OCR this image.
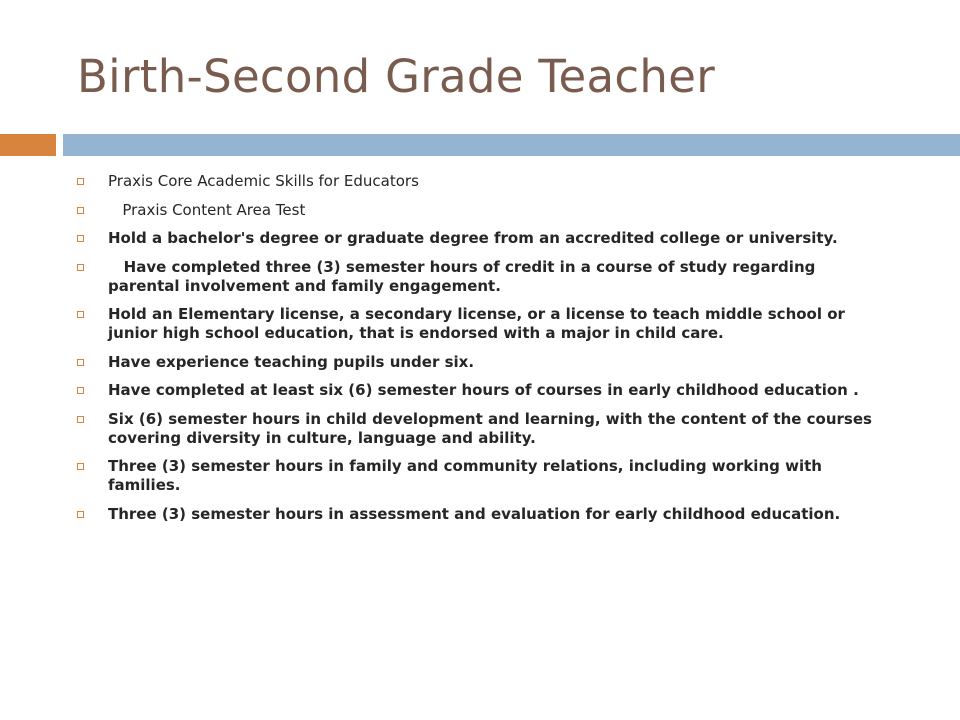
Birth-Second Grade Teacher
Praxis Core Academic Skills for Educators
Praxis Content Area Test
Hold a bachelor's degree or graduate degree from an accredited college or university.
Have completed three (3) semester hours of credit in a course of study regarding parental involvement and family engagement.
Hold an Elementary license, a secondary license, or a license to teach middle school or junior high school education, that is endorsed with a major in child care.
Have experience teaching pupils under six.
Have completed at least six (6) semester hours of courses in early childhood education .
Six (6) semester hours in child development and learning, with the content of the courses covering diversity in culture, language and ability.
Three (3) semester hours in family and community relations, including working with families.
Three (3) semester hours in assessment and evaluation for early childhood education.
